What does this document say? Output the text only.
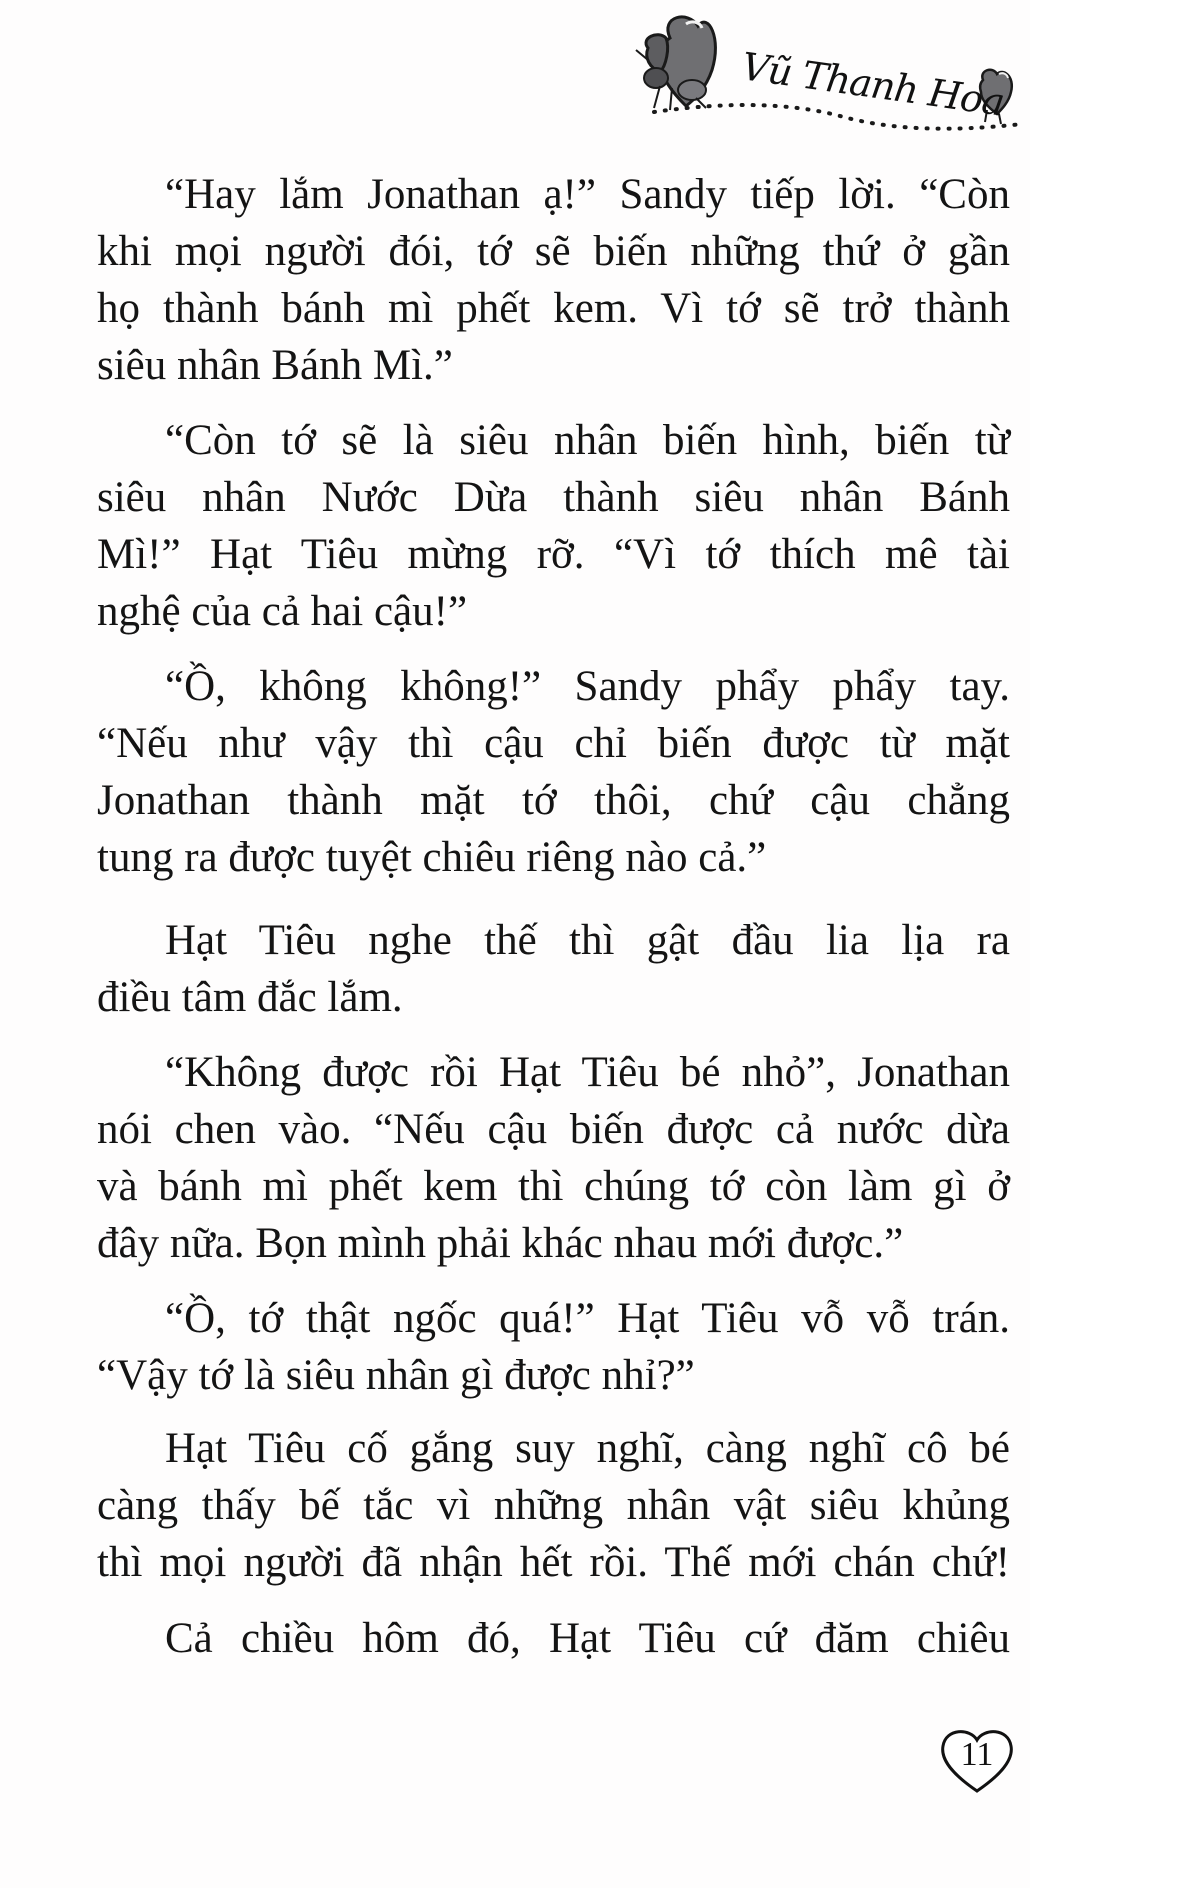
Vũ Thanh Hoa
“Hay lắm Jonathan ạ!” Sandy tiếp lời. “Còn
khi mọi người đói, tớ sẽ biến những thứ ở gần
họ thành bánh mì phết kem. Vì tớ sẽ trở thành
siêu nhân Bánh Mì.”
“Còn tớ sẽ là siêu nhân biến hình, biến từ
siêu nhân Nước Dừa thành siêu nhân Bánh
Mì!” Hạt Tiêu mừng rỡ. “Vì tớ thích mê tài
nghệ của cả hai cậu!”
“Ồ, không không!” Sandy phẩy phẩy tay.
“Nếu như vậy thì cậu chỉ biến được từ mặt
Jonathan thành mặt tớ thôi, chứ cậu chẳng
tung ra được tuyệt chiêu riêng nào cả.”
Hạt Tiêu nghe thế thì gật đầu lia lịa ra
điều tâm đắc lắm.
“Không được rồi Hạt Tiêu bé nhỏ”, Jonathan
nói chen vào. “Nếu cậu biến được cả nước dừa
và bánh mì phết kem thì chúng tớ còn làm gì ở
đây nữa. Bọn mình phải khác nhau mới được.”
“Ồ, tớ thật ngốc quá!” Hạt Tiêu vỗ vỗ trán.
“Vậy tớ là siêu nhân gì được nhỉ?”
Hạt Tiêu cố gắng suy nghĩ, càng nghĩ cô bé
càng thấy bế tắc vì những nhân vật siêu khủng
thì mọi người đã nhận hết rồi. Thế mới chán chứ!
Cả chiều hôm đó, Hạt Tiêu cứ đăm chiêu
11
